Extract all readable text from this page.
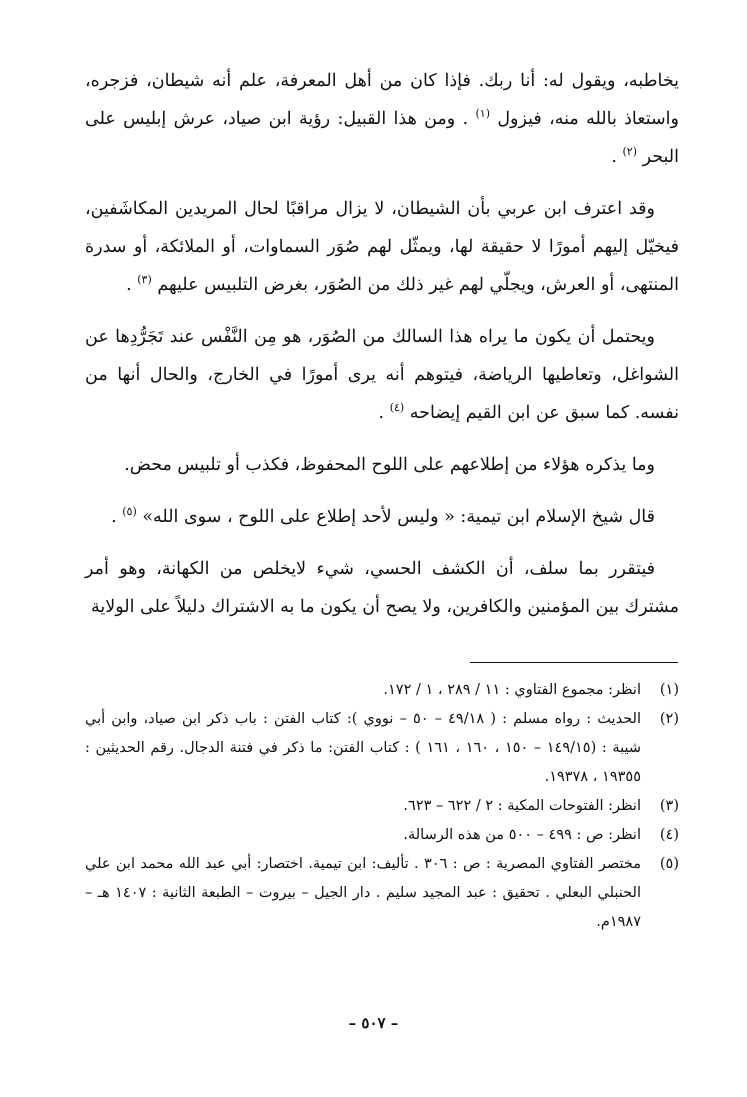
يخاطبه، ويقول له: أنا ربك. فإذا كان من أهل المعرفة، علم أنه شيطان، فزجره، واستعاذ بالله منه، فيزول $^{(١)}$ . ومن هذا القبيل: رؤية ابن صياد، عرش إبليس على البحر $^{(٢)}$ .

وقد اعترف ابن عربي بأن الشيطان، لا يزال مراقبًا لحال المريدين المكاشَفين، فيخيّل إليهم أمورًا لا حقيقة لها، ويمثّل لهم صُوَر السماوات، أو الملائكة، أو سدرة المنتهى، أو العرش، ويجلّي لهم غير ذلك من الصُوَر، بغرض التلبيس عليهم $^{(٣)}$ .

ويحتمل أن يكون ما يراه هذا السالك من الصُوَر، هو مِن النَّفْس عند تَجَرُّدِها عن الشواغل، وتعاطيها الرياضة، فيتوهم أنه يرى أمورًا في الخارج، والحال أنها من نفسه. كما سبق عن ابن القيم إيضاحه $^{(٤)}$ .

وما يذكره هؤلاء من إطلاعهم على اللوح المحفوظ، فكذب أو تلبيس محض.

قال شيخ الإسلام ابن تيمية: « وليس لأحد إطلاع على اللوح ، سوى الله» $^{(٥)}$ .

فيتقرر بما سلف، أن الكشف الحسي، شيء لايخلص من الكهانة، وهو أمر مشترك بين المؤمنين والكافرين، ولا يصح أن يكون ما به الاشتراك دليلاً على الولاية

(١)
انظر: مجموع الفتاوي : ١١ / ٢٨٩ ، ١ / ١٧٢.
(٢)
الحديث : رواه مسلم : ( ٤٩/١٨ – ٥٠ – نووي ): كتاب الفتن : باب ذكر ابن صياد، وابن أبي شيبة : (١٤٩/١٥ – ١٥٠ ، ١٦٠ ، ١٦١ ) : كتاب الفتن: ما ذكر في فتنة الدجال. رقم الحديثين : ١٩٣٥٥ ، ١٩٣٧٨.
(٣)
انظر: الفتوحات المكية : ٢ / ٦٢٢ – ٦٢٣.
(٤)
انظر: ص : ٤٩٩ – ٥٠٠ من هذه الرسالة.
(٥)
مختصر الفتاوي المصرية : ص : ٣٠٦ . تأليف: ابن تيمية. اختصار: أبي عبد الله محمد ابن علي الحنبلي البعلي . تحقيق : عبد المجيد سليم . دار الجيل – بيروت – الطبعة الثانية : ١٤٠٧ هـ – ١٩٨٧م.
– ٥٠٧ –
